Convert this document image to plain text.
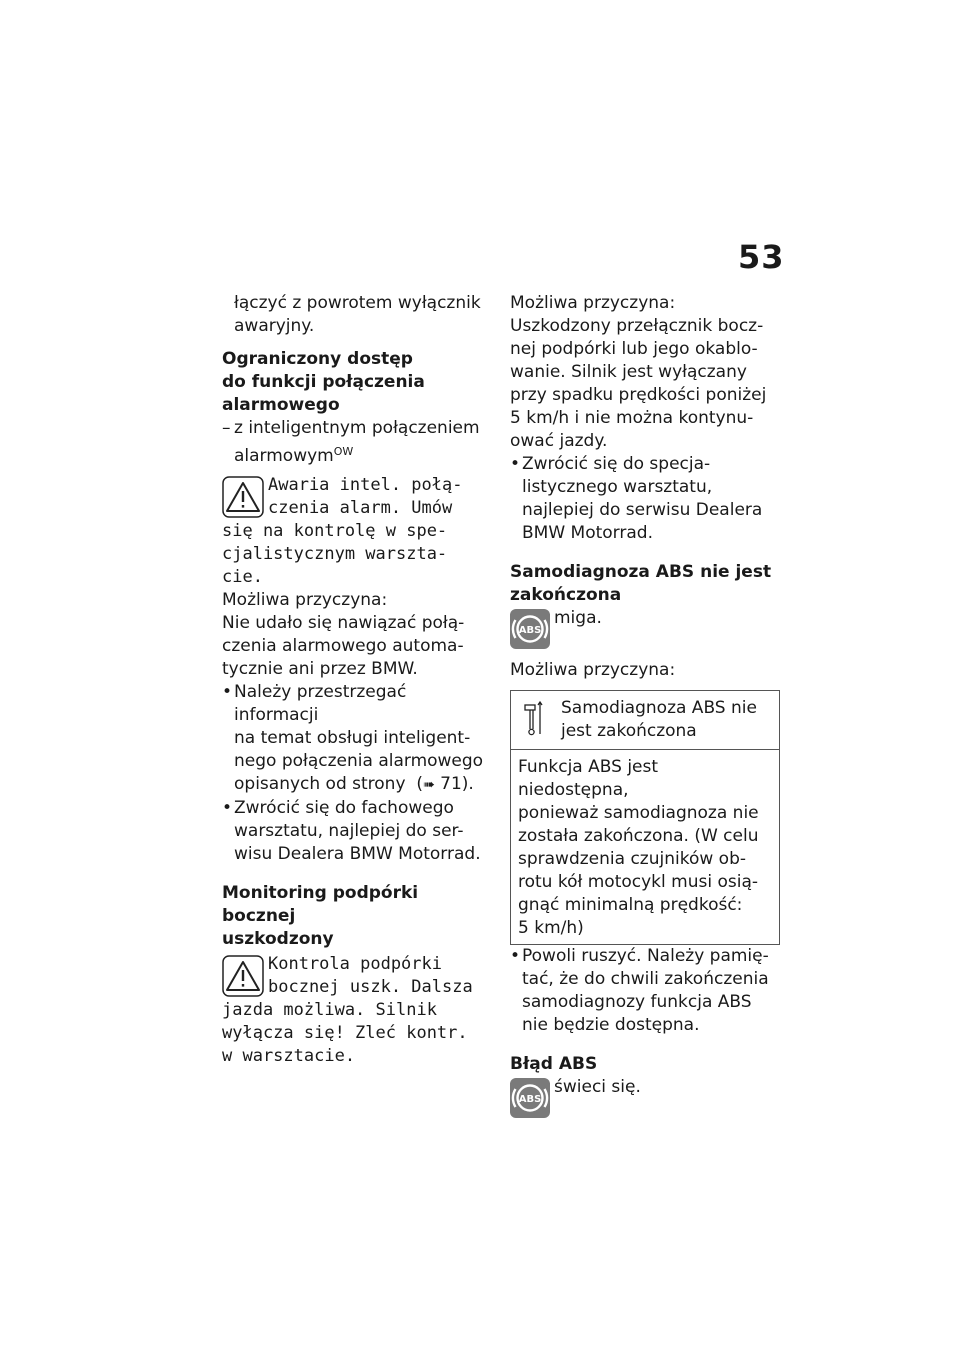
53

łączyć z powrotem wyłącznik

awaryjny.

Ograniczony dostęp

do funkcji połączenia

alarmowego

– z inteligentnym połączeniem

alarmowym$^{OW}$

Awaria intel. połą-

czenia alarm. Umów

się na kontrolę w spe-

cjalistycznym warszta-

cie.

Możliwa przyczyna:

Nie udało się nawiązać połą-

czenia alarmowego automa-

tycznie ani przez BMW.

• Należy przestrzegać informacji

na temat obsługi inteligent-

nego połączenia alarmowego

opisanych od strony (➠ 71).

• Zwrócić się do fachowego

warsztatu, najlepiej do ser-

wisu Dealera BMW Motorrad.

Monitoring podpórki bocznej

uszkodzony

Kontrola podpórki

bocznej uszk. Dalsza

jazda możliwa. Silnik

wyłącza się! Zleć kontr.

w warsztacie.

Możliwa przyczyna:

Uszkodzony przełącznik bocz-

nej podpórki lub jego okablo-

wanie. Silnik jest wyłączany

przy spadku prędkości poniżej

5 km/h i nie można kontynu-

ować jazdy.

• Zwrócić się do specja-

listycznego warsztatu,

najlepiej do serwisu Dealera

BMW Motorrad.

Samodiagnoza ABS nie jest

zakończona

ABS

miga.

Możliwa przyczyna:

Samodiagnoza ABS nie
jest zakończona
Funkcja ABS jest niedostępna,
ponieważ samodiagnoza nie
została zakończona. (W celu
sprawdzenia czujników ob-
rotu kół motocykl musi osią-
gnąć minimalną prędkość:
5 km/h)

• Powoli ruszyć. Należy pamię-

tać, że do chwili zakończenia

samodiagnozy funkcja ABS

nie będzie dostępna.

Błąd ABS

ABS

świeci się.
